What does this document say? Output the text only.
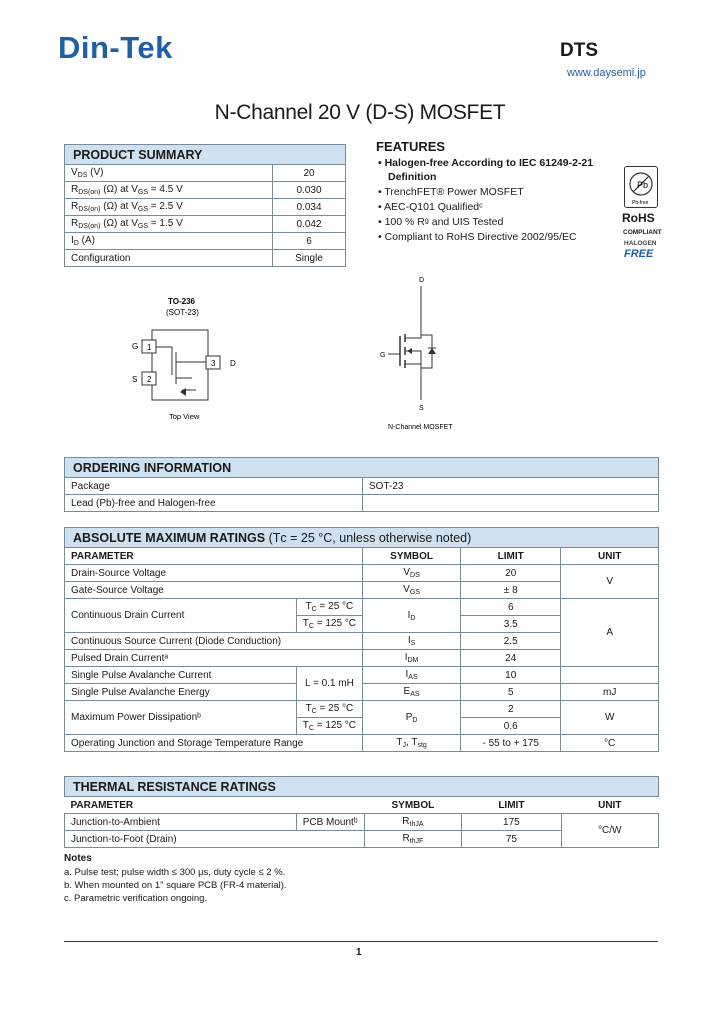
Din-Tek	DTS
www.daysemi.jp
N-Channel 20 V (D-S) MOSFET
PRODUCT SUMMARY	
$V_{DS}$ (V)	20
$R_{DS(on)}$ (Ω) at $V_{GS} = 4.5$ V	0.030
$R_{DS(on)}$ (Ω) at $V_{GS} = 2.5$ V	0.034
$R_{DS(on)}$ (Ω) at $V_{GS} = 1.5$ V	0.042
$I_D$ (A)	6
Configuration	Single
FEATURES
• Halogen-free According to IEC 61249-2-21 Definition
• TrenchFET® Power MOSFET
• AEC-Q101 Qualifiedᶜ
• 100 % Rᵍ and UIS Tested
• Compliant to RoHS Directive 2002/95/EC
Pb
Pb-free
RoHS
COMPLIANT
HALOGEN
FREE
TO-236
(SOT-23)
1
2
3
G
S
D
Top View
D
G
S
N-Channel MOSFET
ORDERING INFORMATION	
Package	SOT-23
Lead (Pb)-free and Halogen-free	
ABSOLUTE MAXIMUM RATINGS (Tᴄ = 25 °C, unless otherwise noted)				
PARAMETER		SYMBOL	LIMIT	UNIT
Drain-Source Voltage		$V_{DS}$	20	V
Gate-Source Voltage		$V_{GS}$	± 8	
Continuous Drain Current	$T_C = 25$ °C	$I_D$	6	A
	$T_C = 125$ °C		3.5	
Continuous Source Current (Diode Conduction)		$I_S$	2.5	
Pulsed Drain Currentᵃ		$I_{DM}$	24	
Single Pulse Avalanche Current	L = 0.1 mH	$I_{AS}$	10	
Single Pulse Avalanche Energy		$E_{AS}$	5	mJ
Maximum Power Dissipationᵇ	$T_C = 25$ °C	$P_D$	2	W
	$T_C = 125$ °C		0.6	
Operating Junction and Storage Temperature Range		$T_J$, $T_{stg}$	- 55 to + 175	°C
THERMAL RESISTANCE RATINGS				
PARAMETER		SYMBOL	LIMIT	UNIT
Junction-to-Ambient	PCB Mountᵇ	$R_{thJA}$	175	°C/W
Junction-to-Foot (Drain)		$R_{thJF}$	75	
Notes
a. Pulse test; pulse width ≤ 300 µs, duty cycle ≤ 2 %.
b. When mounted on 1" square PCB (FR-4 material).
c. Parametric verification ongoing.
1
